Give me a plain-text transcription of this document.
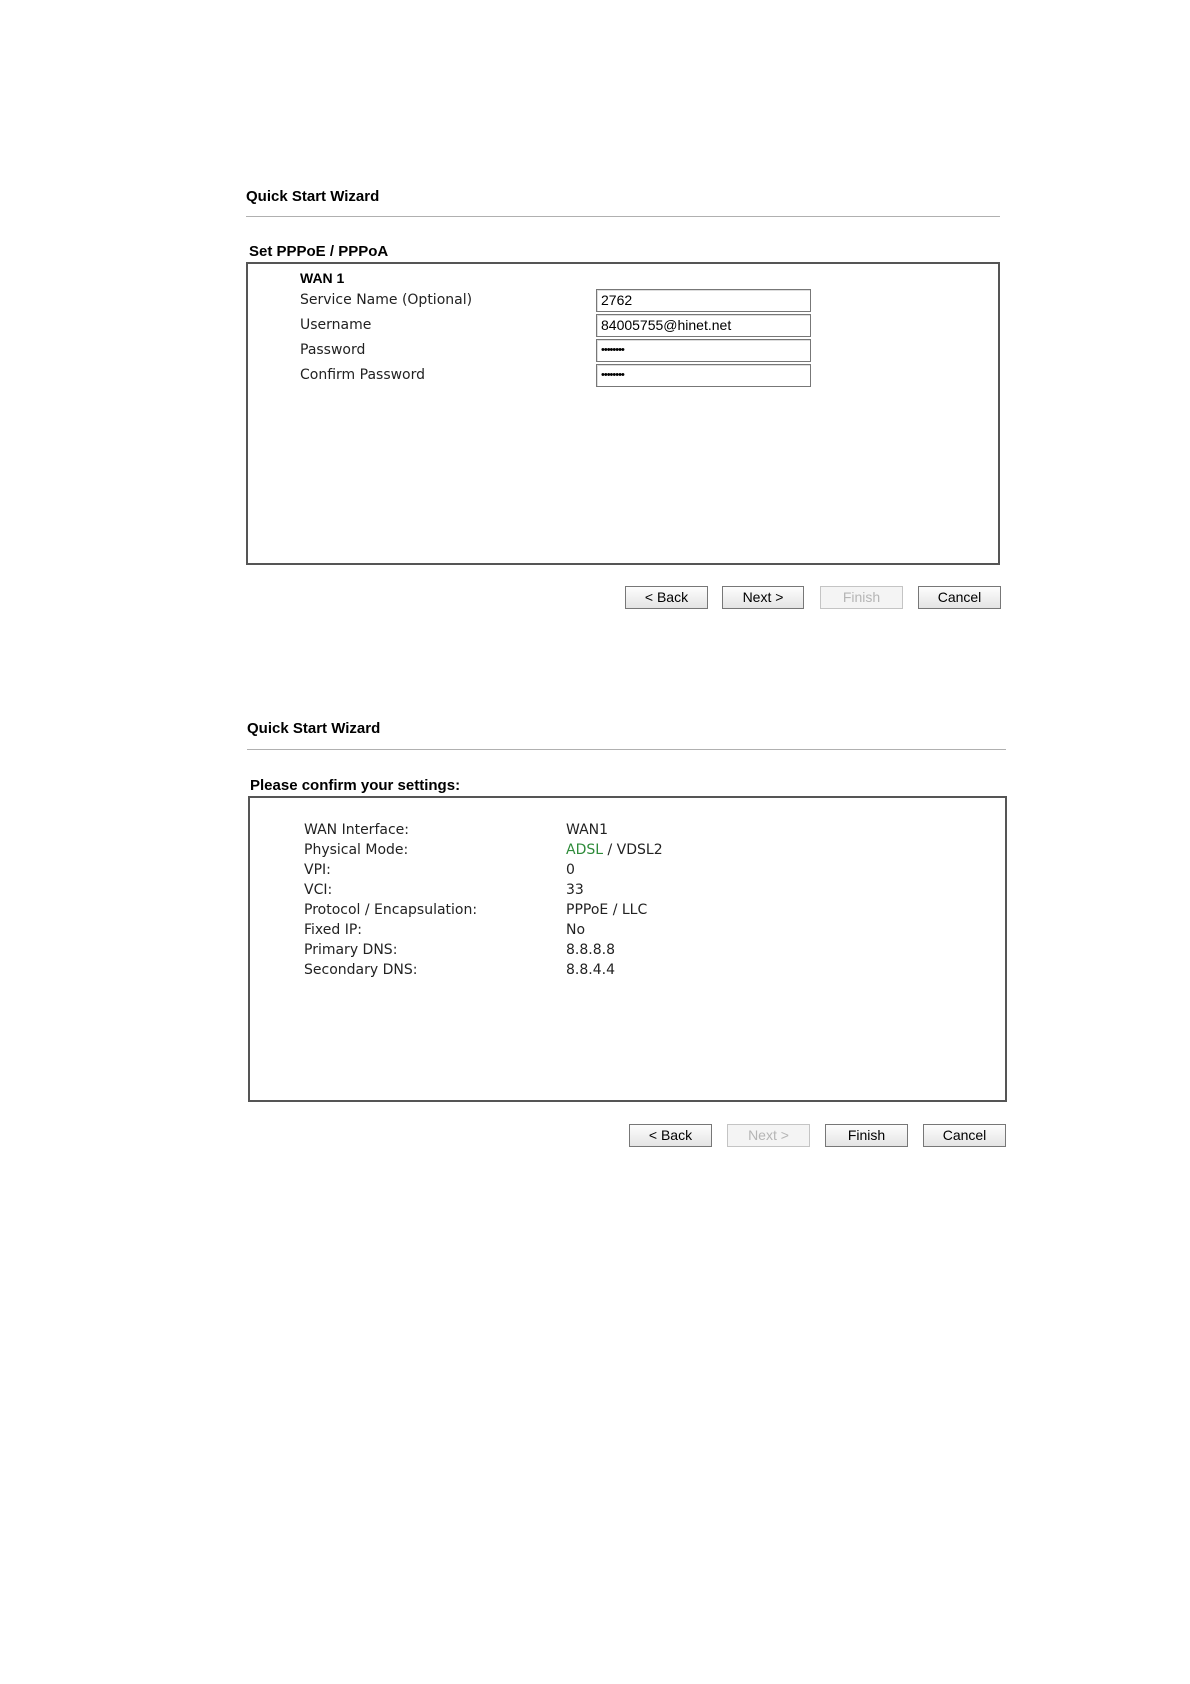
Quick Start Wizard
Set PPPoE / PPPoA
WAN 1
Service Name (Optional)	2762
Username	84005755@hinet.net
Password	••••••••
Confirm Password	••••••••
< Back	Next >	Finish	Cancel
Quick Start Wizard
Please confirm your settings:
WAN Interface:	WAN1
Physical Mode:	ADSL / VDSL2
VPI:	0
VCI:	33
Protocol / Encapsulation:	PPPoE / LLC
Fixed IP:	No
Primary DNS:	8.8.8.8
Secondary DNS:	8.8.4.4
< Back	Next >	Finish	Cancel
